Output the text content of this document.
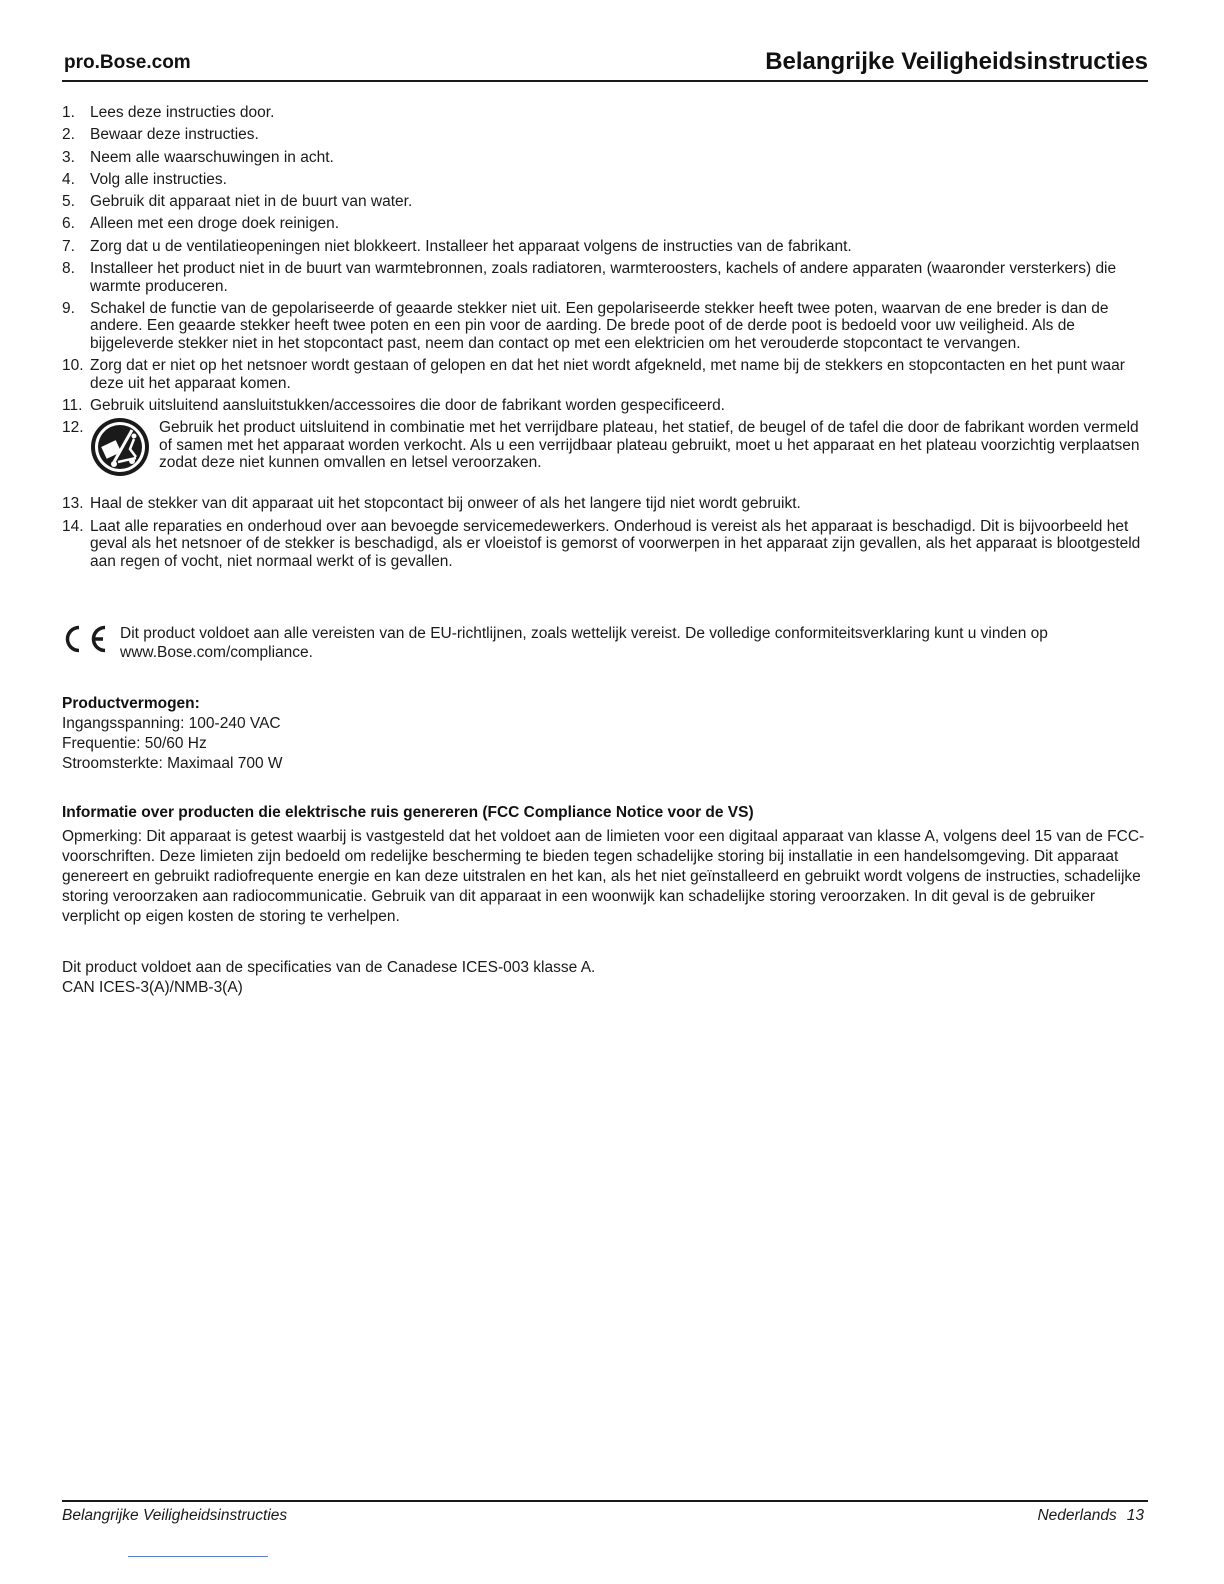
pro.Bose.com	Belangrijke Veiligheidsinstructies
1. Lees deze instructies door.
2. Bewaar deze instructies.
3. Neem alle waarschuwingen in acht.
4. Volg alle instructies.
5. Gebruik dit apparaat niet in de buurt van water.
6. Alleen met een droge doek reinigen.
7. Zorg dat u de ventilatieopeningen niet blokkeert. Installeer het apparaat volgens de instructies van de fabrikant.
8. Installeer het product niet in de buurt van warmtebronnen, zoals radiatoren, warmteroosters, kachels of andere apparaten (waaronder versterkers) die warmte produceren.
9. Schakel de functie van de gepolariseerde of geaarde stekker niet uit. Een gepolariseerde stekker heeft twee poten, waarvan de ene breder is dan de andere. Een geaarde stekker heeft twee poten en een pin voor de aarding. De brede poot of de derde poot is bedoeld voor uw veiligheid. Als de bijgeleverde stekker niet in het stopcontact past, neem dan contact op met een elektricien om het verouderde stopcontact te vervangen.
10. Zorg dat er niet op het netsnoer wordt gestaan of gelopen en dat het niet wordt afgekneld, met name bij de stekkers en stopcontacten en het punt waar deze uit het apparaat komen.
11. Gebruik uitsluitend aansluitstukken/accessoires die door de fabrikant worden gespecificeerd.
12.	Gebruik het product uitsluitend in combinatie met het verrijdbare plateau, het statief, de beugel of de tafel die door de fabrikant worden vermeld of samen met het apparaat worden verkocht. Als u een verrijdbaar plateau gebruikt, moet u het apparaat en het plateau voorzichtig verplaatsen zodat deze niet kunnen omvallen en letsel veroorzaken.
13. Haal de stekker van dit apparaat uit het stopcontact bij onweer of als het langere tijd niet wordt gebruikt.
14. Laat alle reparaties en onderhoud over aan bevoegde servicemedewerkers. Onderhoud is vereist als het apparaat is beschadigd. Dit is bijvoorbeeld het geval als het netsnoer of de stekker is beschadigd, als er vloeistof is gemorst of voorwerpen in het apparaat zijn gevallen, als het apparaat is blootgesteld aan regen of vocht, niet normaal werkt of is gevallen.
Dit product voldoet aan alle vereisten van de EU-richtlijnen, zoals wettelijk vereist. De volledige conformiteitsverklaring kunt u vinden op www.Bose.com/compliance.
Productvermogen:
Ingangsspanning: 100-240 VAC
Frequentie: 50/60 Hz
Stroomsterkte: Maximaal 700 W
Informatie over producten die elektrische ruis genereren (FCC Compliance Notice voor de VS)
Opmerking: Dit apparaat is getest waarbij is vastgesteld dat het voldoet aan de limieten voor een digitaal apparaat van klasse A, volgens deel 15 van de FCC-voorschriften. Deze limieten zijn bedoeld om redelijke bescherming te bieden tegen schadelijke storing bij installatie in een handelsomgeving. Dit apparaat genereert en gebruikt radiofrequente energie en kan deze uitstralen en het kan, als het niet geïnstalleerd en gebruikt wordt volgens de instructies, schadelijke storing veroorzaken aan radiocommunicatie. Gebruik van dit apparaat in een woonwijk kan schadelijke storing veroorzaken. In dit geval is de gebruiker verplicht op eigen kosten de storing te verhelpen.
Dit product voldoet aan de specificaties van de Canadese ICES-003 klasse A.
CAN ICES-3(A)/NMB-3(A)
Belangrijke Veiligheidsinstructies	Nederlands 13
